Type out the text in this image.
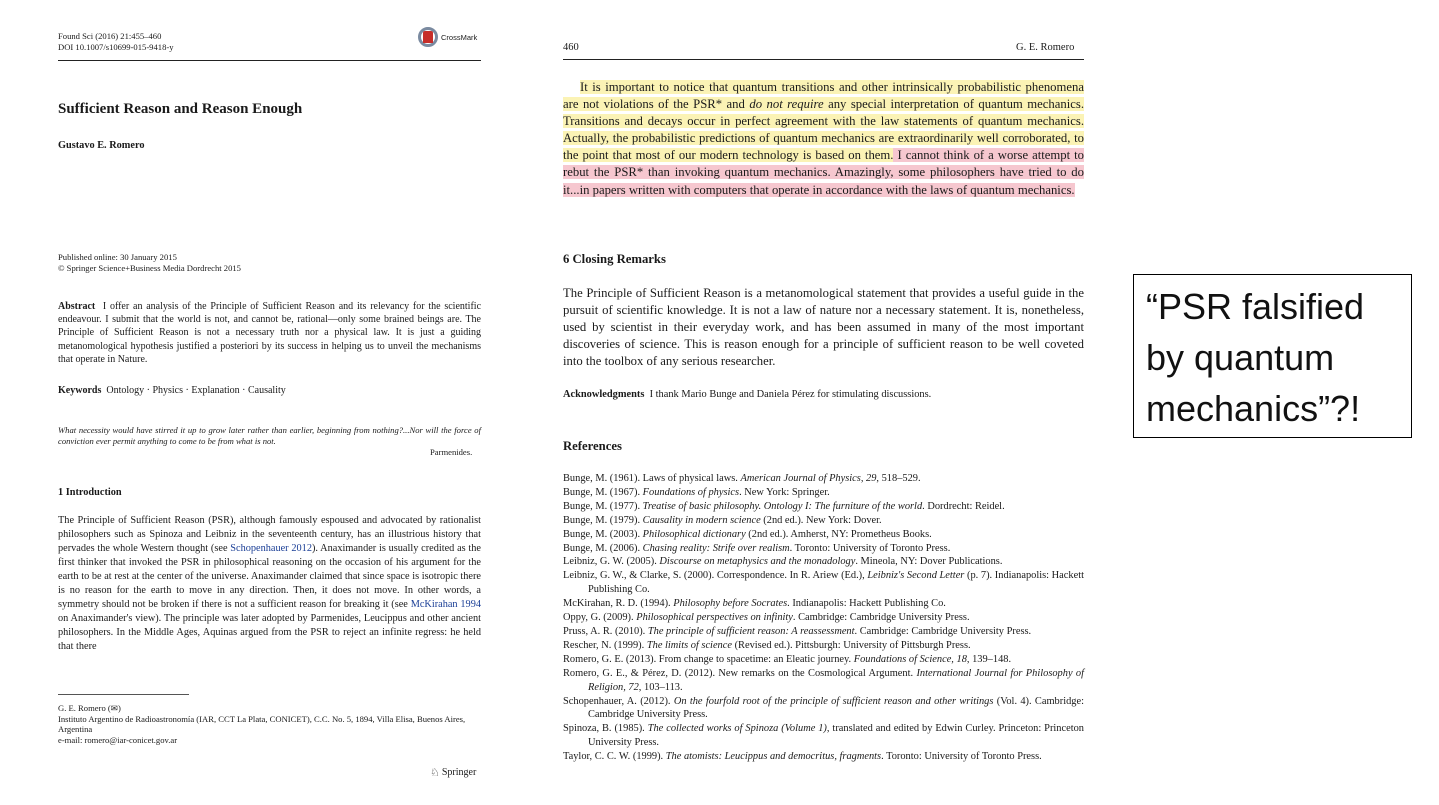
Found Sci (2016) 21:455–460
DOI 10.1007/s10699-015-9418-y
CrossMark
Sufficient Reason and Reason Enough
Gustavo E. Romero
Published online: 30 January 2015
© Springer Science+Business Media Dordrecht 2015
Abstract I offer an analysis of the Principle of Sufficient Reason and its relevancy for the scientific endeavour. I submit that the world is not, and cannot be, rational—only some brained beings are. The Principle of Sufficient Reason is not a necessary truth nor a physical law. It is just a guiding metanomological hypothesis justified a posteriori by its success in helping us to unveil the mechanisms that operate in Nature.
Keywords Ontology · Physics · Explanation · Causality
What necessity would have stirred it up to grow later rather than earlier, beginning from nothing?...Nor will the force of conviction ever permit anything to come to be from what is not.
Parmenides.
1 Introduction
The Principle of Sufficient Reason (PSR), although famously espoused and advocated by rationalist philosophers such as Spinoza and Leibniz in the seventeenth century, has an illustrious history that pervades the whole Western thought (see Schopenhauer 2012). Anaximander is usually credited as the first thinker that invoked the PSR in philosophical reasoning on the occasion of his argument for the earth to be at rest at the center of the universe. Anaximander claimed that since space is isotropic there is no reason for the earth to move in any direction. Then, it does not move. In other words, a symmetry should not be broken if there is not a sufficient reason for breaking it (see McKirahan 1994 on Anaximander's view). The principle was later adopted by Parmenides, Leucippus and other ancient philosophers. In the Middle Ages, Aquinas argued from the PSR to reject an infinite regress: he held that there
G. E. Romero (✉)
Instituto Argentino de Radioastronomía (IAR, CCT La Plata, CONICET), C.C. No. 5, 1894, Villa Elisa, Buenos Aires, Argentina
e-mail: romero@iar-conicet.gov.ar
♘ Springer
460	G. E. Romero
It is important to notice that quantum transitions and other intrinsically probabilistic phenomena are not violations of the PSR* and do not require any special interpretation of quantum mechanics. Transitions and decays occur in perfect agreement with the law statements of quantum mechanics. Actually, the probabilistic predictions of quantum mechanics are extraordinarily well corroborated, to the point that most of our modern technology is based on them. I cannot think of a worse attempt to rebut the PSR* than invoking quantum mechanics. Amazingly, some philosophers have tried to do it...in papers written with computers that operate in accordance with the laws of quantum mechanics.
6 Closing Remarks
The Principle of Sufficient Reason is a metanomological statement that provides a useful guide in the pursuit of scientific knowledge. It is not a law of nature nor a necessary statement. It is, nonetheless, used by scientist in their everyday work, and has been assumed in many of the most important discoveries of science. This is reason enough for a principle of sufficient reason to be well coveted into the toolbox of any serious researcher.
Acknowledgments I thank Mario Bunge and Daniela Pérez for stimulating discussions.
References
Bunge, M. (1961). Laws of physical laws. American Journal of Physics, 29, 518–529.
Bunge, M. (1967). Foundations of physics. New York: Springer.
Bunge, M. (1977). Treatise of basic philosophy. Ontology I: The furniture of the world. Dordrecht: Reidel.
Bunge, M. (1979). Causality in modern science (2nd ed.). New York: Dover.
Bunge, M. (2003). Philosophical dictionary (2nd ed.). Amherst, NY: Prometheus Books.
Bunge, M. (2006). Chasing reality: Strife over realism. Toronto: University of Toronto Press.
Leibniz, G. W. (2005). Discourse on metaphysics and the monadology. Mineola, NY: Dover Publications.
Leibniz, G. W., & Clarke, S. (2000). Correspondence. In R. Ariew (Ed.), Leibniz's Second Letter (p. 7). Indianapolis: Hackett Publishing Co.
McKirahan, R. D. (1994). Philosophy before Socrates. Indianapolis: Hackett Publishing Co.
Oppy, G. (2009). Philosophical perspectives on infinity. Cambridge: Cambridge University Press.
Pruss, A. R. (2010). The principle of sufficient reason: A reassessment. Cambridge: Cambridge University Press.
Rescher, N. (1999). The limits of science (Revised ed.). Pittsburgh: University of Pittsburgh Press.
Romero, G. E. (2013). From change to spacetime: an Eleatic journey. Foundations of Science, 18, 139–148.
Romero, G. E., & Pérez, D. (2012). New remarks on the Cosmological Argument. International Journal for Philosophy of Religion, 72, 103–113.
Schopenhauer, A. (2012). On the fourfold root of the principle of sufficient reason and other writings (Vol. 4). Cambridge: Cambridge University Press.
Spinoza, B. (1985). The collected works of Spinoza (Volume 1), translated and edited by Edwin Curley. Princeton: Princeton University Press.
Taylor, C. C. W. (1999). The atomists: Leucippus and democritus, fragments. Toronto: University of Toronto Press.
“PSR falsified by quantum mechanics”?!
